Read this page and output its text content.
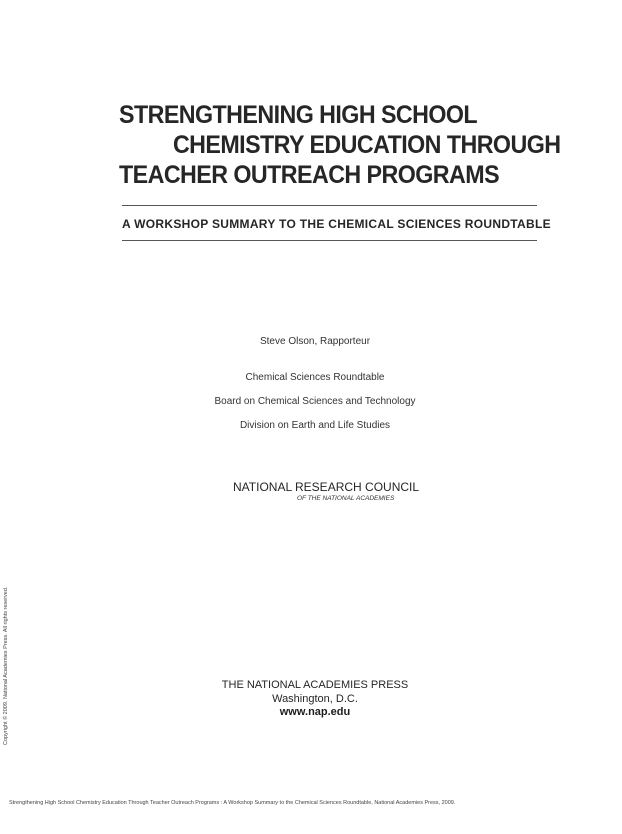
STRENGTHENING HIGH SCHOOL
CHEMISTRY EDUCATION THROUGH
TEACHER OUTREACH PROGRAMS
A WORKSHOP SUMMARY TO THE CHEMICAL SCIENCES ROUNDTABLE
Steve Olson, Rapporteur
Chemical Sciences Roundtable
Board on Chemical Sciences and Technology
Division on Earth and Life Studies
NATIONAL RESEARCH COUNCIL
OF THE NATIONAL ACADEMIES
THE NATIONAL ACADEMIES PRESS
Washington, D.C.
www.nap.edu
Copyright © 2009. National Academies Press. All rights reserved.
Strengthening High School Chemistry Education Through Teacher Outreach Programs : A Workshop Summary to the Chemical Sciences Roundtable, National Academies Press, 2009.
